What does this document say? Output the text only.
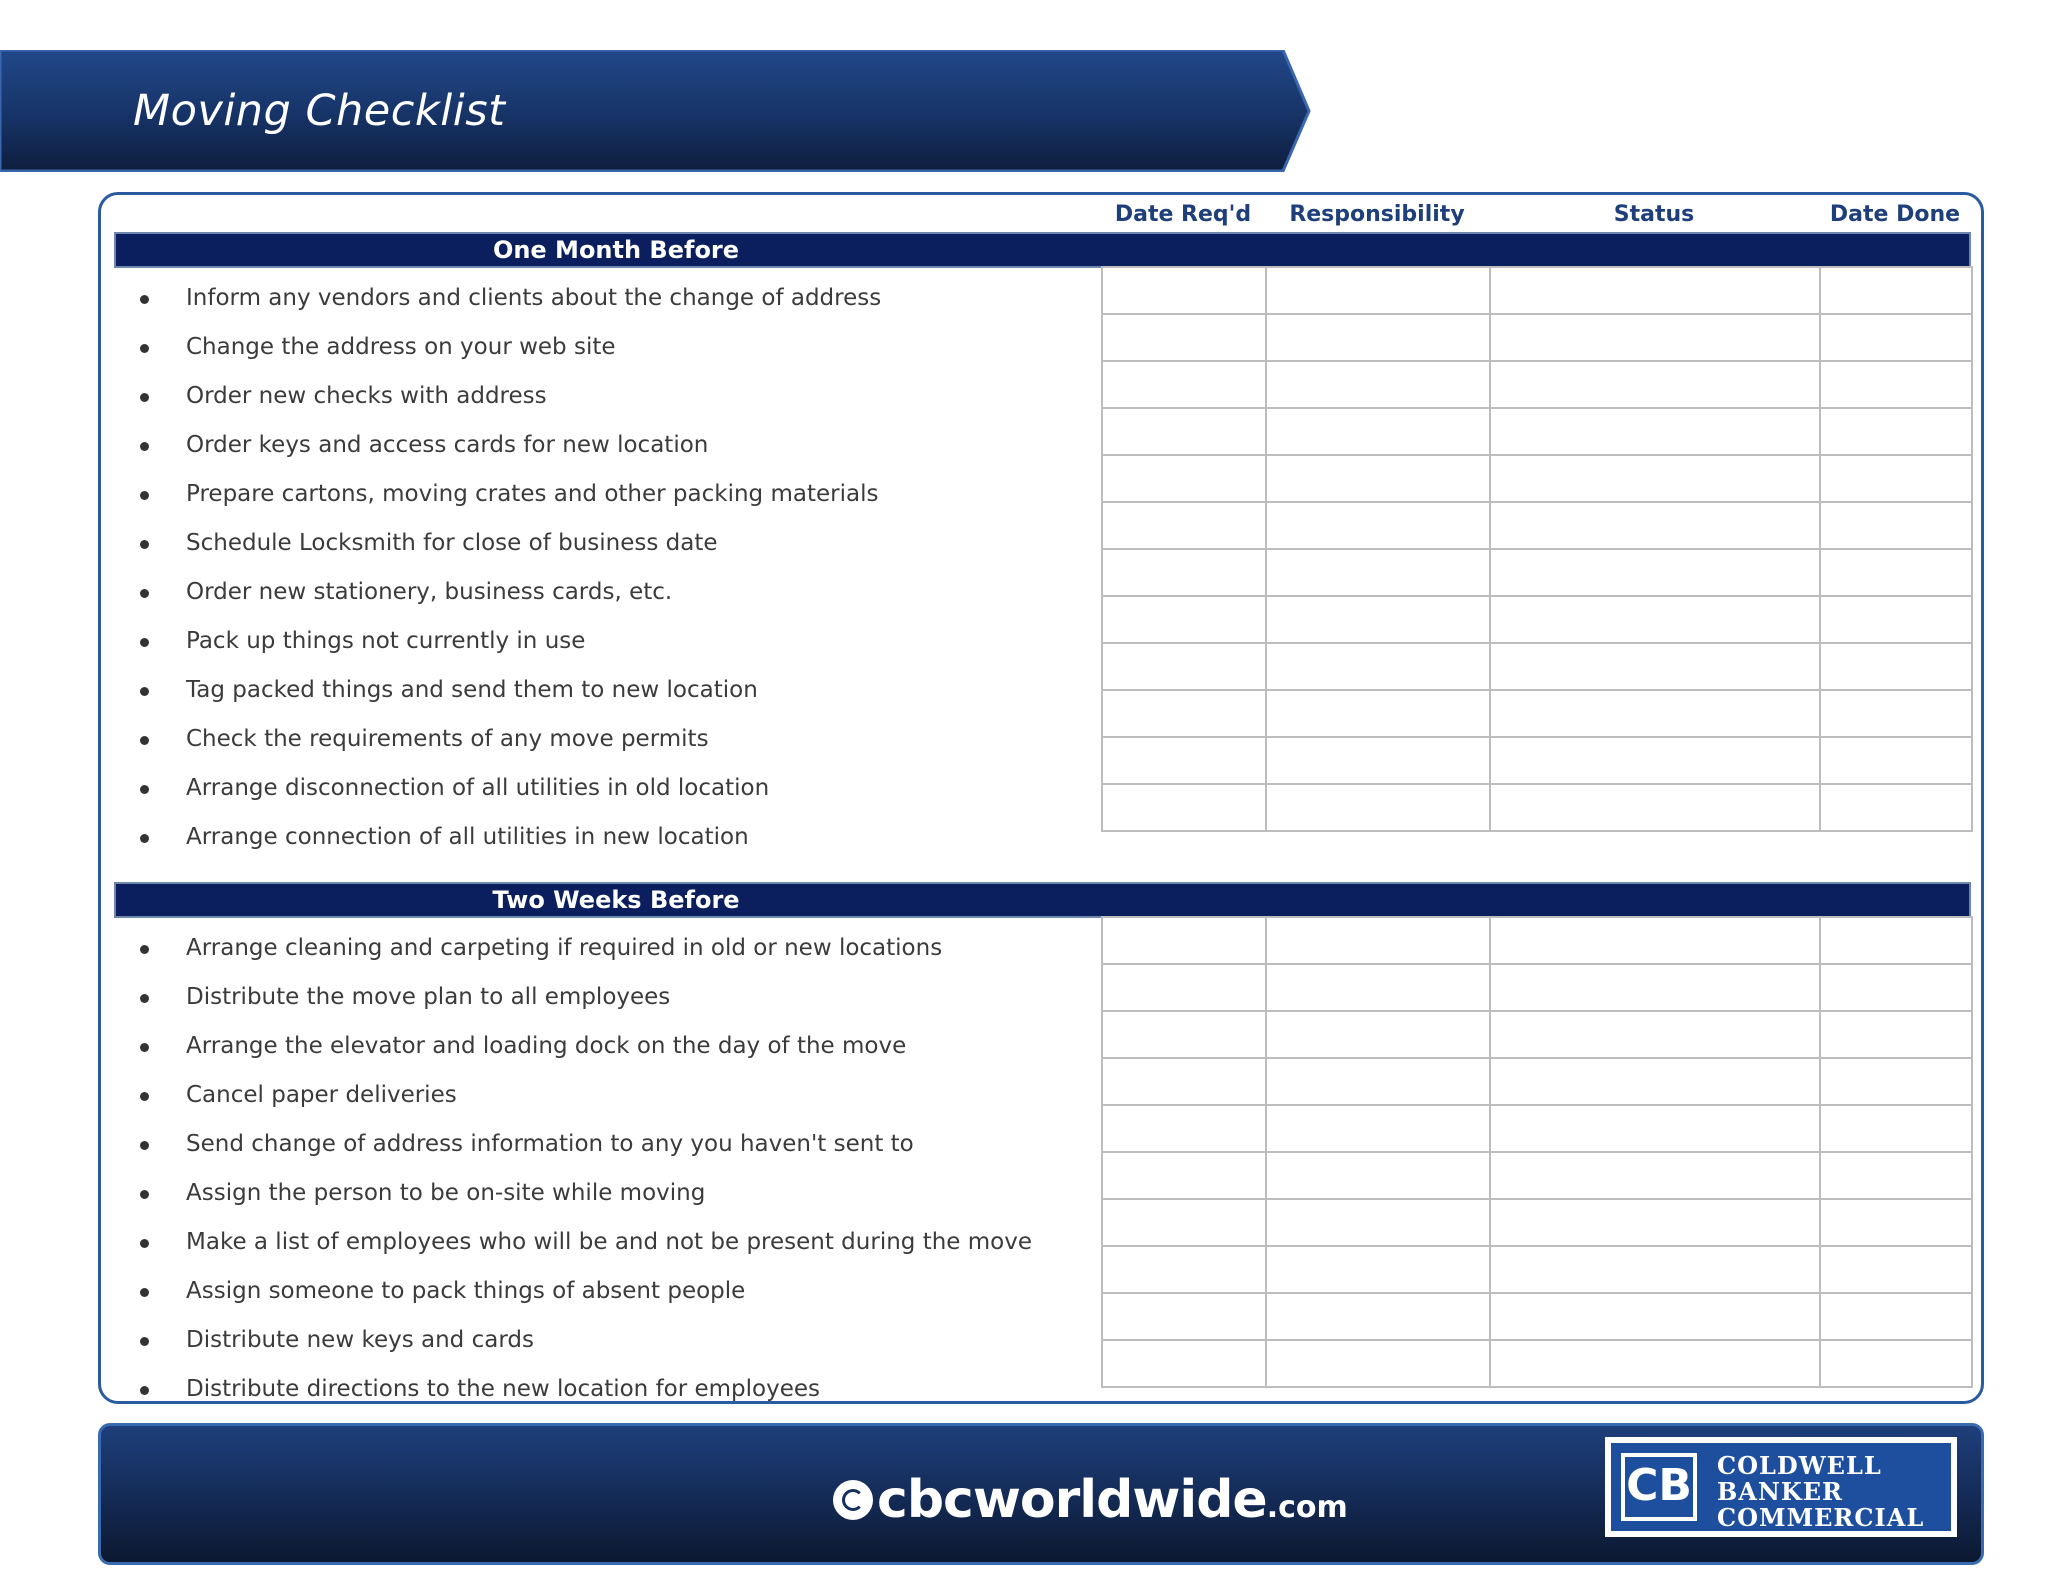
Moving Checklist
Date Req'd	Responsibility	Status	Date Done
One Month Before
Inform any vendors and clients about the change of address
Change the address on your web site
Order new checks with address
Order keys and access cards for new location
Prepare cartons, moving crates and other packing materials
Schedule Locksmith for close of business date
Order new stationery, business cards, etc.
Pack up things not currently in use
Tag packed things and send them to new location
Check the requirements of any move permits
Arrange disconnection of all utilities in old location
Arrange connection of all utilities in new location

Two Weeks Before
Arrange cleaning and carpeting if required in old or new locations
Distribute the move plan to all employees
Arrange the elevator and loading dock on the day of the move
Cancel paper deliveries
Send change of address information to any you haven't sent to
Assign the person to be on-site while moving
Make a list of employees who will be and not be present during the move
Assign someone to pack things of absent people
Distribute new keys and cards
Distribute directions to the new location for employees

cbcworldwide.com	CB COLDWELL
BANKER
COMMERCIAL
